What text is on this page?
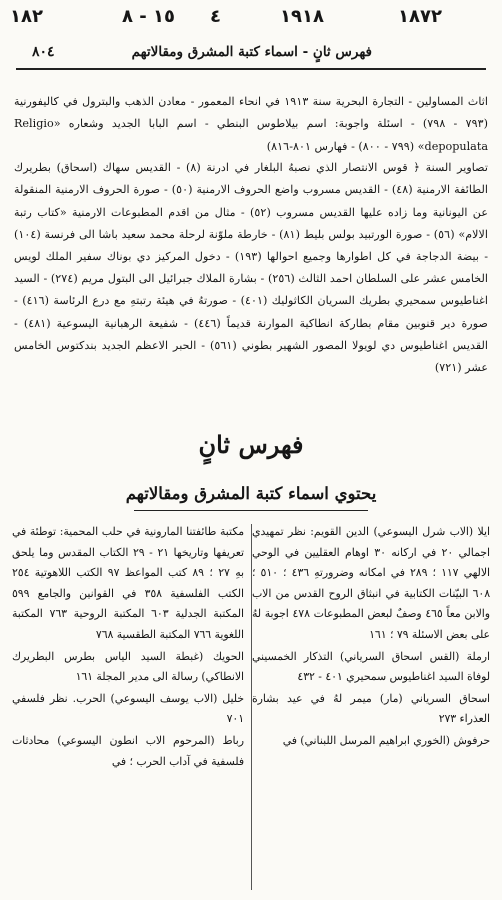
١٨٢	١٥ - ٨ ٤	١٩١٨	١٨٧٢
فهرس ثانٍ - اسماء كتبة المشرق ومقالاتهم
٨٠٤

اثاث المساولين - التجارة البحرية سنة ١٩١٣ في انحاء المعمور - معادن الذهب والبترول في كاليفورنية (٧٩٣ - ٧٩٨) - اسئلة واجوبة: اسم بيلاطوس البنطي - اسم البابا الجديد وشعاره «Religio depopulata» (٧٩٩ - ٨٠٠) - فهارس ٨٠١-٨١٦)

تصاوير السنة ﴿ قوس الانتصار الذي نصبهُ البلغار في ادرنة (٨) - القديس سهاك (اسحاق) بطريرك الطائفة الارمنية (٤٨) - القديس مسروب واضع الحروف الارمنية (٥٠) - صورة الحروف الارمنية المنقولة عن اليونانية وما زاده عليها القديس مسروب (٥٢) - مثال من اقدم المطبوعات الارمنية «كتاب رتبة الالام» (٥٦) - صورة الورتبيد بولس بليط (٨١) - خارطة ملوّنة لرحلة محمد سعيد باشا الى فرنسة (١٠٤) - بيضة الدجاجة في كل اطوارها وجميع احوالها (١٩٣) - دخول المركيز دي بوناك سفير الملك لويس الخامس عشر على السلطان احمد الثالث (٢٥٦) - بشارة الملاك جبرائيل الى البتول مريم (٢٧٤) - السيد اغناطيوس سمحيري بطريك السريان الكاثوليك (٤٠١) - صورتهُ في هيئة رتبتهِ مع درع الرئاسة (٤١٦) - صورة دير قنوبين مقام بطاركة انطاكية الموارنة قديماً (٤٤٦) - شفيعة الرهبانية اليسوعية (٤٨١) - القديس اغناطيوس دي لويولا المصور الشهير بطوني (٥٦١) - الحبر الاعظم الجديد بندكتوس الخامس عشر (٧٢١)

فهرس ثانٍ
يحتوي اسماء كتبة المشرق ومقالاتهم

ايلا (الاب شرل اليسوعي) الدين القويم: نظر تمهيدي اجمالي ٢٠ في اركانه ٣٠ اوهام العقليين في الوحي الالهي ١١٧ ؛ ٢٨٩ في امكانه وضرورتهِ ٤٣٦ ؛ ٥١٠ ؛ ٦٠٨ البيّنات الكتابية في انبثاق الروح القدس من الاب والابن معاً ٤٦٥ وصفٌ لبعض المطبوعات ٤٧٨ اجوبة لهُ على بعض الاسئلة ٧٩ ؛ ١٦١

ارملة (القس اسحاق السرياني) التذكار الخمسيني لوفاة السيد اغناطيوس سمحيري ٤٠١ - ٤٣٢

اسحاق السرياني (مار) ميمر لهُ في عيد بشارة العذراء ٢٧٣

حرفوش (الخوري ابراهيم المرسل اللبناني) في

مكتبة طائفتنا المارونية في حلب المحمية: توطئة في تعريفها وتاريخها ٢١ - ٢٩ الكتاب المقدس وما يلحق بهِ ٢٧ ؛ ٨٩ كتب المواعظ ٩٧ الكتب اللاهوتية ٢٥٤ الكتب الفلسفية ٣٥٨ في القوانين والجامع ٥٩٩ المكتبة الجدلية ٦٠٣ المكتبة الروحية ٧٦٣ المكتبة اللغوية ٧٦٦ المكتبة الطقسية ٧٦٨

الحويك (غبطة السيد الياس بطرس البطريرك الانطاكي) رسالة الى مدير المجلة ١٦١

خليل (الاب يوسف اليسوعي) الحرب. نظر فلسفي ٧٠١

رباط (المرحوم الاب انطون اليسوعي) محادثات فلسفية في آداب الحرب ؛ في
